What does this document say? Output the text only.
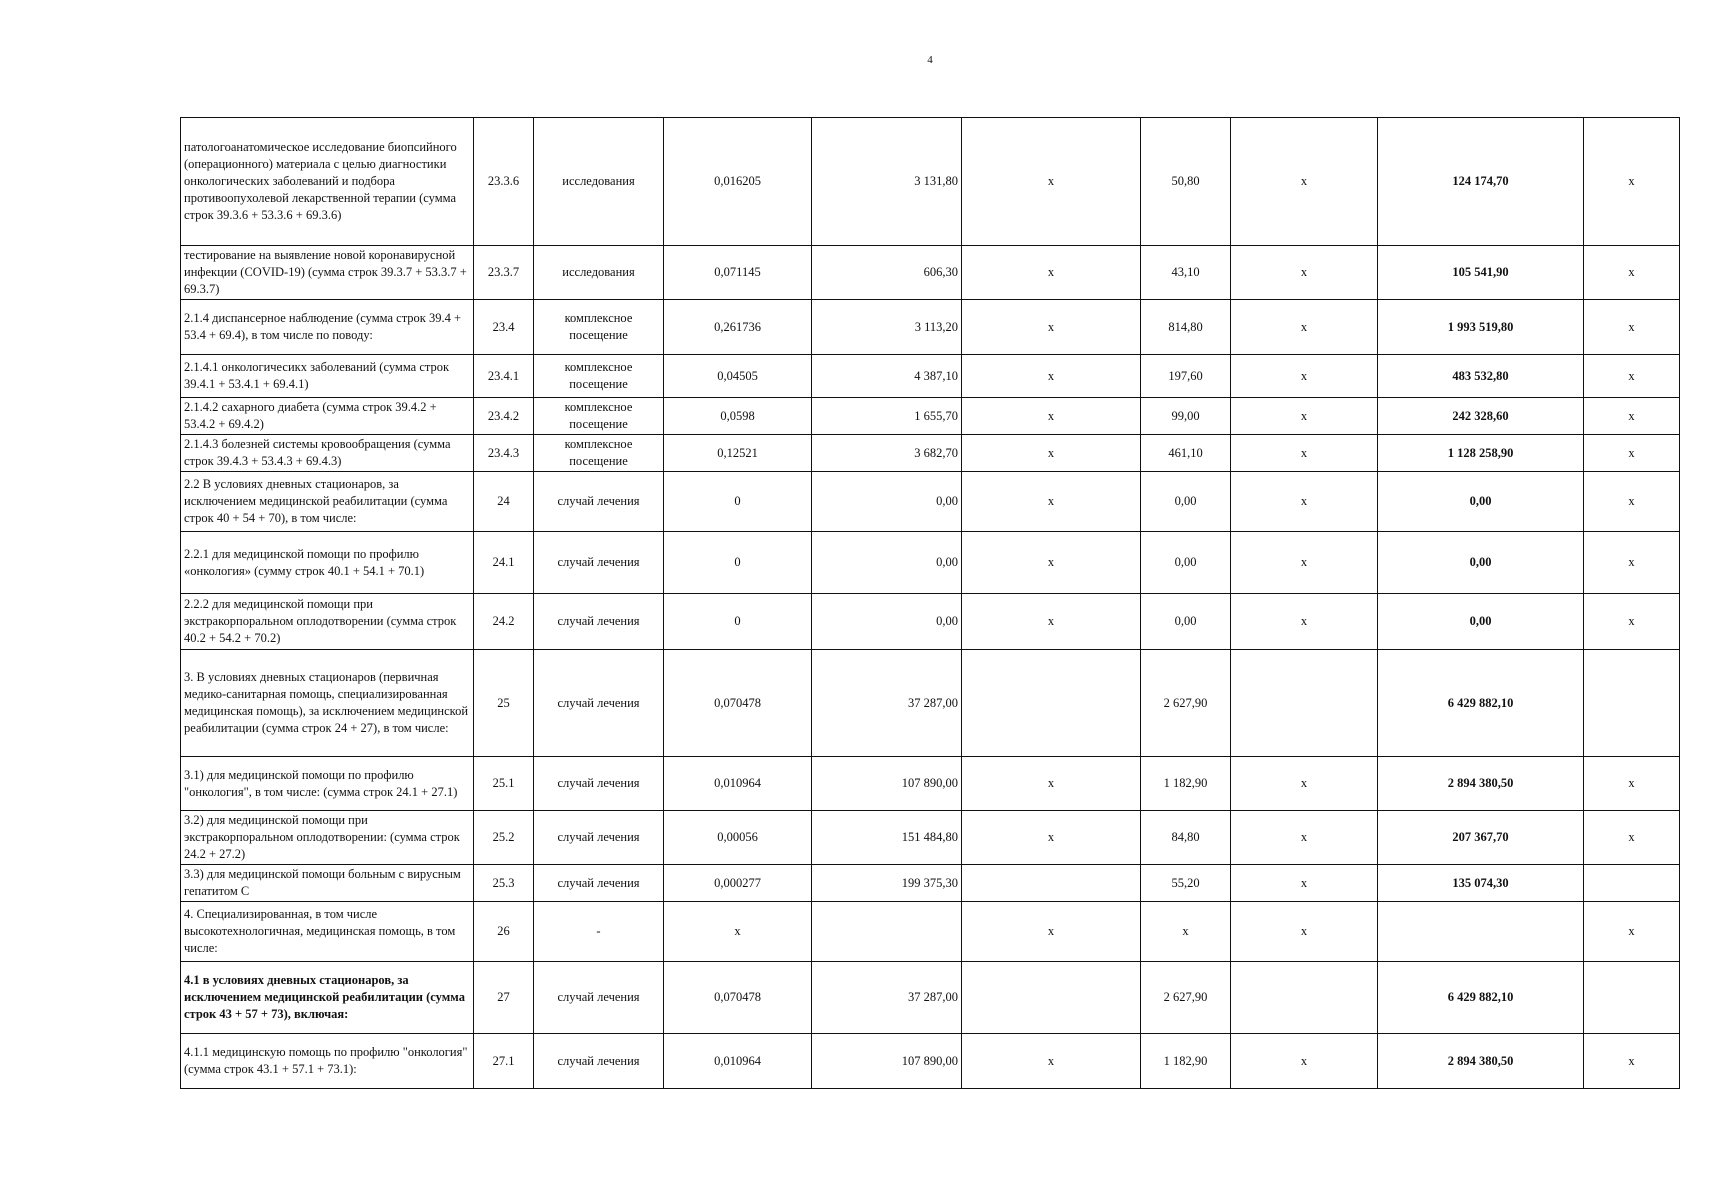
4
патологоанатомическое исследование биопсийного (операционного) материала с целью диагностики онкологических заболеваний и подбора противоопухолевой лекарственной терапии (сумма строк 39.3.6 + 53.3.6 + 69.3.6)	23.3.6	исследования	0,016205	3 131,80	х	50,80	х	124 174,70	х
тестирование на выявление новой коронавирусной инфекции (COVID-19) (сумма строк 39.3.7 + 53.3.7 + 69.3.7)	23.3.7	исследования	0,071145	606,30	х	43,10	х	105 541,90	х
2.1.4 диспансерное наблюдение (сумма строк 39.4 + 53.4 + 69.4), в том числе по поводу:	23.4	комплексное посещение	0,261736	3 113,20	х	814,80	х	1 993 519,80	х
2.1.4.1 онкологичесикх заболеваний (сумма строк 39.4.1 + 53.4.1 + 69.4.1)	23.4.1	комплексное посещение	0,04505	4 387,10	х	197,60	х	483 532,80	х
2.1.4.2 сахарного диабета (сумма строк 39.4.2 + 53.4.2 + 69.4.2)	23.4.2	комплексное посещение	0,0598	1 655,70	х	99,00	х	242 328,60	х
2.1.4.3 болезней системы кровообращения (сумма строк 39.4.3 + 53.4.3 + 69.4.3)	23.4.3	комплексное посещение	0,12521	3 682,70	х	461,10	х	1 128 258,90	х
2.2 В условиях дневных стационаров, за исключением медицинской реабилитации (сумма строк 40 + 54 + 70), в том числе:	24	случай лечения	0	0,00	х	0,00	х	0,00	х
2.2.1 для медицинской помощи по профилю «онкология» (сумму строк 40.1 + 54.1 + 70.1)	24.1	случай лечения	0	0,00	х	0,00	х	0,00	х
2.2.2 для медицинской помощи при экстракорпоральном оплодотворении (сумма строк 40.2 + 54.2 + 70.2)	24.2	случай лечения	0	0,00	х	0,00	х	0,00	х
3. В условиях дневных стационаров (первичная медико-санитарная помощь, специализированная медицинская помощь), за исключением медицинской реабилитации (сумма строк 24 + 27), в том числе:	25	случай лечения	0,070478	37 287,00		2 627,90		6 429 882,10	
3.1) для медицинской помощи по профилю "онкология", в том числе: (сумма строк 24.1 + 27.1)	25.1	случай лечения	0,010964	107 890,00	х	1 182,90	х	2 894 380,50	х
3.2) для медицинской помощи при экстракорпоральном оплодотворении: (сумма строк 24.2 + 27.2)	25.2	случай лечения	0,00056	151 484,80	х	84,80	х	207 367,70	х
3.3) для медицинской помощи больным с вирусным гепатитом С	25.3	случай лечения	0,000277	199 375,30		55,20	х	135 074,30	
4. Специализированная, в том числе высокотехнологичная, медицинская помощь, в том числе:	26	-	х		х	х	х		х
4.1 в условиях дневных стационаров, за исключением медицинской реабилитации (сумма строк 43 + 57 + 73), включая:	27	случай лечения	0,070478	37 287,00		2 627,90		6 429 882,10	
4.1.1 медицинскую помощь по профилю "онкология" (сумма строк 43.1 + 57.1 + 73.1):	27.1	случай лечения	0,010964	107 890,00	х	1 182,90	х	2 894 380,50	х
